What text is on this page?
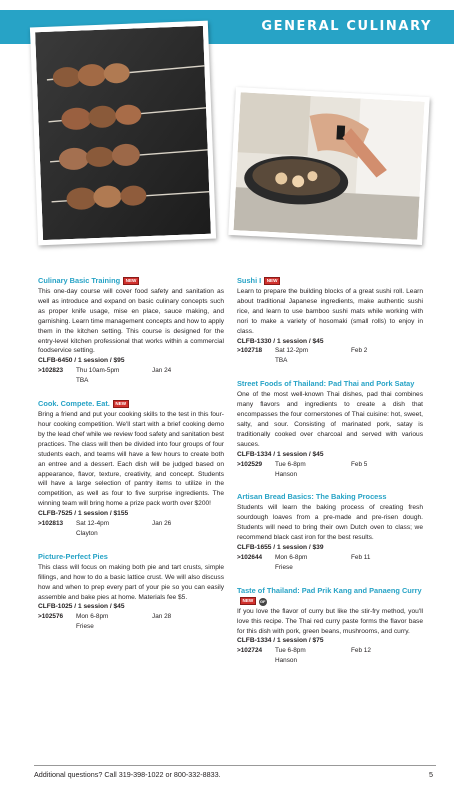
GENERAL CULINARY
Culinary Basic Training NEW
This one-day course will cover food safety and sanitation as well as introduce and expand on basic culinary concepts such as proper knife usage, mise en place, sauce making, and garnishing. Learn time management concepts and how to apply them in the kitchen setting. This course is designed for the entry-level kitchen professional that works within a commercial foodservice setting.
CLFB-6450 / 1 session / $95
>102823	Thu 10am-5pm	Jan 24
TBA
Cook. Compete. Eat. NEW
Bring a friend and put your cooking skills to the test in this four-hour cooking competition. We'll start with a brief cooking demo by the lead chef while we review food safety and sanitation best practices. The class will then be divided into four groups of four students each, and teams will have a few hours to create both an entree and a dessert. Each dish will be judged based on appearance, flavor, texture, creativity, and concept. Students will have a large selection of pantry items to utilize in the competition, as well as four to five surprise ingredients. The winning team will bring home a prize pack worth over $200!
CLFB-7525 / 1 session / $155
>102813	Sat 12-4pm	Jan 26
Clayton
Picture-Perfect Pies
This class will focus on making both pie and tart crusts, simple fillings, and how to do a basic lattice crust. We will also discuss how and when to prep every part of your pie so you can easily assemble and bake pies at home. Materials fee $5.
CLFB-1025 / 1 session / $45
>102576	Mon 6-8pm	Jan 28
Friese
Sushi I NEW
Learn to prepare the building blocks of a great sushi roll. Learn about traditional Japanese ingredients, make authentic sushi rice, and learn to use bamboo sushi mats while working with nori to make a variety of hosomaki (small rolls) to enjoy in class.
CLFB-1330 / 1 session / $45
>102718	Sat 12-2pm	Feb 2
TBA
Street Foods of Thailand: Pad Thai and Pork Satay
One of the most well-known Thai dishes, pad thai combines many flavors and ingredients to create a dish that encompasses the four cornerstones of Thai cuisine: hot, sweet, salty, and sour. Consisting of marinated pork, satay is traditionally cooked over charcoal and served with various sauces.
CLFB-1334 / 1 session / $45
>102529	Tue 6-8pm	Feb 5
Hanson
Artisan Bread Basics: The Baking Process
Students will learn the baking process of creating fresh sourdough loaves from a pre-made and pre-risen dough. Students will need to bring their own Dutch oven to class; we recommend black cast iron for the best results.
CLFB-1655 / 1 session / $39
>102644	Mon 6-8pm	Feb 11
Friese
Taste of Thailand: Pad Prik Kang and Panaeng CurryNEW GF
If you love the flavor of curry but like the stir-fry method, you'll love this recipe. The Thai red curry paste forms the flavor base for this dish with pork, green beans, mushrooms, and curry.
CLFB-1334 / 1 session / $75
>102724	Tue 6-8pm	Feb 12
Hanson
Additional questions? Call 319-398-1022 or 800-332-8833.	5
